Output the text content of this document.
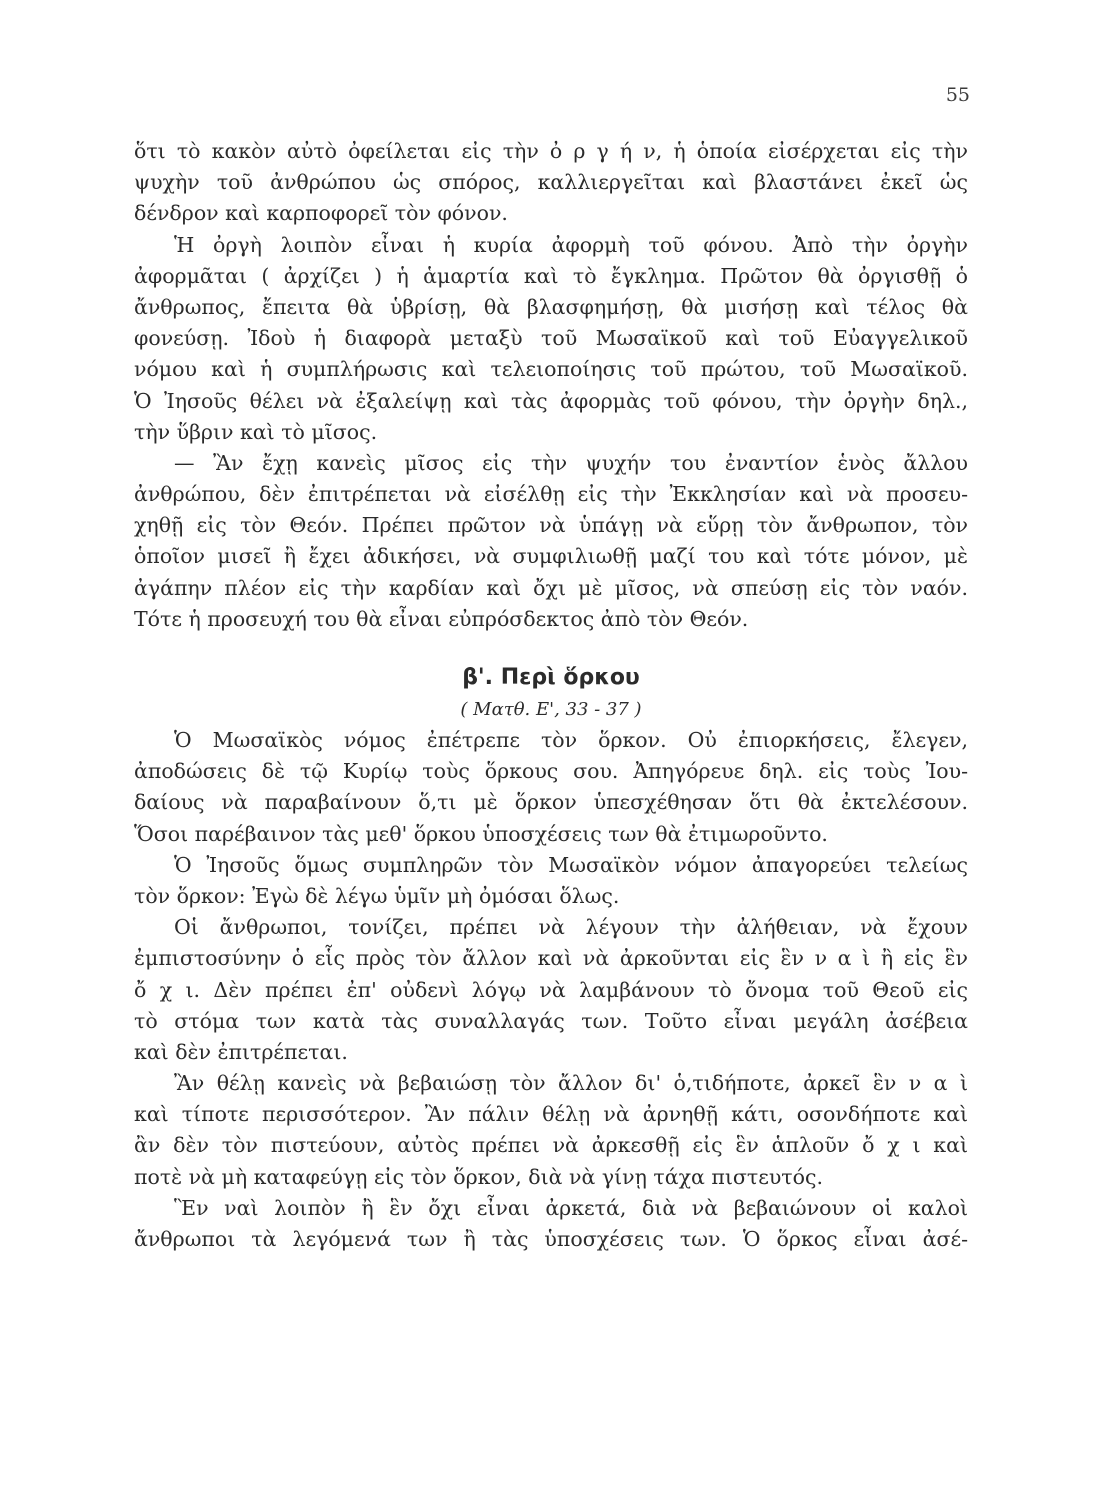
55
ὅτι τὸ κακὸν αὐτὸ ὀφείλεται εἰς τὴν ὀ ρ γ ή ν, ἡ ὁποία εἰσέρχεται εἰς τὴν
ψυχὴν τοῦ ἀνθρώπου ὡς σπόρος, καλλιεργεῖται καὶ βλαστάνει ἐκεῖ ὡς
δένδρον καὶ καρποφορεῖ τὸν φόνον.
Ἡ ὀργὴ λοιπὸν εἶναι ἡ κυρία ἀφορμὴ τοῦ φόνου. Ἀπὸ τὴν ὀργὴν
ἀφορμᾶται ( ἀρχίζει ) ἡ ἁμαρτία καὶ τὸ ἔγκλημα. Πρῶτον θὰ ὀργισθῇ ὁ
ἄνθρωπος, ἔπειτα θὰ ὑβρίσῃ, θὰ βλασφημήσῃ, θὰ μισήσῃ καὶ τέλος θὰ
φονεύσῃ. Ἰδοὺ ἡ διαφορὰ μεταξὺ τοῦ Μωσαϊκοῦ καὶ τοῦ Εὐαγγελικοῦ
νόμου καὶ ἡ συμπλήρωσις καὶ τελειοποίησις τοῦ πρώτου, τοῦ Μωσαϊκοῦ.
Ὁ Ἰησοῦς θέλει νὰ ἐξαλείψῃ καὶ τὰς ἀφορμὰς τοῦ φόνου, τὴν ὀργὴν δηλ.,
τὴν ὕβριν καὶ τὸ μῖσος.
— Ἂν ἔχῃ κανεὶς μῖσος εἰς τὴν ψυχήν του ἐναντίον ἑνὸς ἄλλου
ἀνθρώπου, δὲν ἐπιτρέπεται νὰ εἰσέλθῃ εἰς τὴν Ἐκκλησίαν καὶ νὰ προσευ-
χηθῇ εἰς τὸν Θεόν. Πρέπει πρῶτον νὰ ὑπάγῃ νὰ εὕρῃ τὸν ἄνθρωπον, τὸν
ὁποῖον μισεῖ ἢ ἔχει ἀδικήσει, νὰ συμφιλιωθῇ μαζί του καὶ τότε μόνον, μὲ
ἀγάπην πλέον εἰς τὴν καρδίαν καὶ ὄχι μὲ μῖσος, νὰ σπεύσῃ εἰς τὸν ναόν.
Τότε ἡ προσευχή του θὰ εἶναι εὐπρόσδεκτος ἀπὸ τὸν Θεόν.
β'. Περὶ ὅρκου
( Ματθ. Ε', 33 - 37 )
Ὁ Μωσαϊκὸς νόμος ἐπέτρεπε τὸν ὅρκον. Οὐ ἐπιορκήσεις, ἔλεγεν,
ἀποδώσεις δὲ τῷ Κυρίῳ τοὺς ὅρκους σου. Ἀπηγόρευε δηλ. εἰς τοὺς Ἰου-
δαίους νὰ παραβαίνουν ὅ,τι μὲ ὅρκον ὑπεσχέθησαν ὅτι θὰ ἐκτελέσουν.
Ὅσοι παρέβαινον τὰς μεθ' ὅρκου ὑποσχέσεις των θὰ ἐτιμωροῦντο.
Ὁ Ἰησοῦς ὅμως συμπληρῶν τὸν Μωσαϊκὸν νόμον ἀπαγορεύει τελείως
τὸν ὅρκον: Ἐγὼ δὲ λέγω ὑμῖν μὴ ὀμόσαι ὅλως.
Οἱ ἄνθρωποι, τονίζει, πρέπει νὰ λέγουν τὴν ἀλήθειαν, νὰ ἔχουν
ἐμπιστοσύνην ὁ εἷς πρὸς τὸν ἄλλον καὶ νὰ ἀρκοῦνται εἰς ἓν ν α ὶ ἢ εἰς ἓν
ὄ χ ι. Δὲν πρέπει ἐπ' οὐδενὶ λόγῳ νὰ λαμβάνουν τὸ ὄνομα τοῦ Θεοῦ εἰς
τὸ στόμα των κατὰ τὰς συναλλαγάς των. Τοῦτο εἶναι μεγάλη ἀσέβεια
καὶ δὲν ἐπιτρέπεται.
Ἂν θέλῃ κανεὶς νὰ βεβαιώσῃ τὸν ἄλλον δι' ὁ,τιδήποτε, ἀρκεῖ ἓν ν α ὶ
καὶ τίποτε περισσότερον. Ἂν πάλιν θέλῃ νὰ ἀρνηθῇ κάτι, οσονδήποτε καὶ
ἂν δὲν τὸν πιστεύουν, αὐτὸς πρέπει νὰ ἀρκεσθῇ εἰς ἓν ἁπλοῦν ὄ χ ι καὶ
ποτὲ νὰ μὴ καταφεύγῃ εἰς τὸν ὅρκον, διὰ νὰ γίνῃ τάχα πιστευτός.
Ἓν ναὶ λοιπὸν ἢ ἓν ὄχι εἶναι ἀρκετά, διὰ νὰ βεβαιώνουν οἱ καλοὶ
ἄνθρωποι τὰ λεγόμενά των ἢ τὰς ὑποσχέσεις των. Ὁ ὅρκος εἶναι ἀσέ-
